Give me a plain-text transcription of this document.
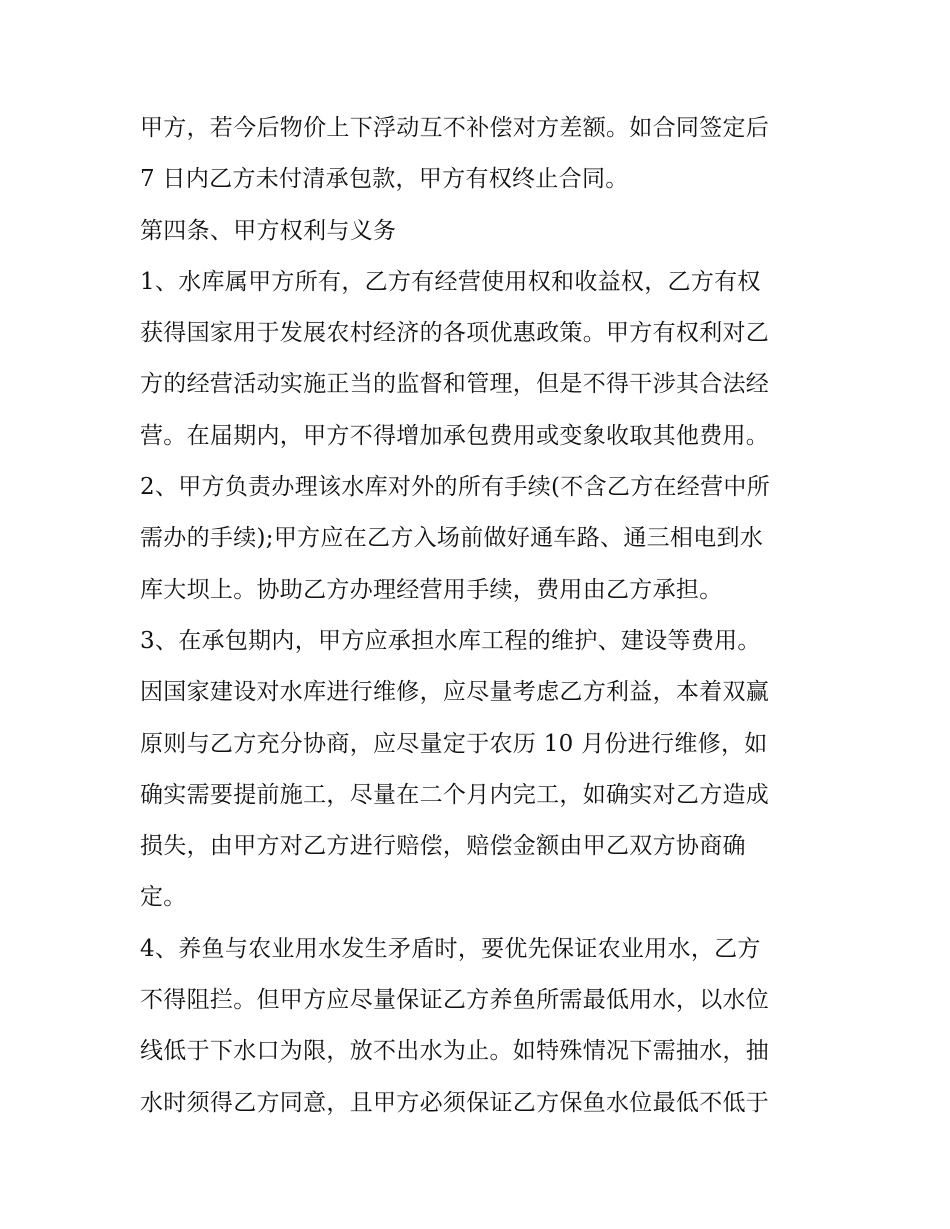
甲方，若今后物价上下浮动互不补偿对方差额。如合同签定后
7 日内乙方未付清承包款，甲方有权终止合同。
第四条、甲方权利与义务
1、水库属甲方所有，乙方有经营使用权和收益权，乙方有权
获得国家用于发展农村经济的各项优惠政策。甲方有权利对乙
方的经营活动实施正当的监督和管理，但是不得干涉其合法经
营。在届期内，甲方不得增加承包费用或变象收取其他费用。
2、甲方负责办理该水库对外的所有手续(不含乙方在经营中所
需办的手续);甲方应在乙方入场前做好通车路、通三相电到水
库大坝上。协助乙方办理经营用手续，费用由乙方承担。
3、在承包期内，甲方应承担水库工程的维护、建设等费用。
因国家建设对水库进行维修，应尽量考虑乙方利益，本着双赢
原则与乙方充分协商，应尽量定于农历 10 月份进行维修，如
确实需要提前施工，尽量在二个月内完工，如确实对乙方造成
损失，由甲方对乙方进行赔偿，赔偿金额由甲乙双方协商确
定。
4、养鱼与农业用水发生矛盾时，要优先保证农业用水，乙方
不得阻拦。但甲方应尽量保证乙方养鱼所需最低用水，以水位
线低于下水口为限，放不出水为止。如特殊情况下需抽水，抽
水时须得乙方同意，且甲方必须保证乙方保鱼水位最低不低于
